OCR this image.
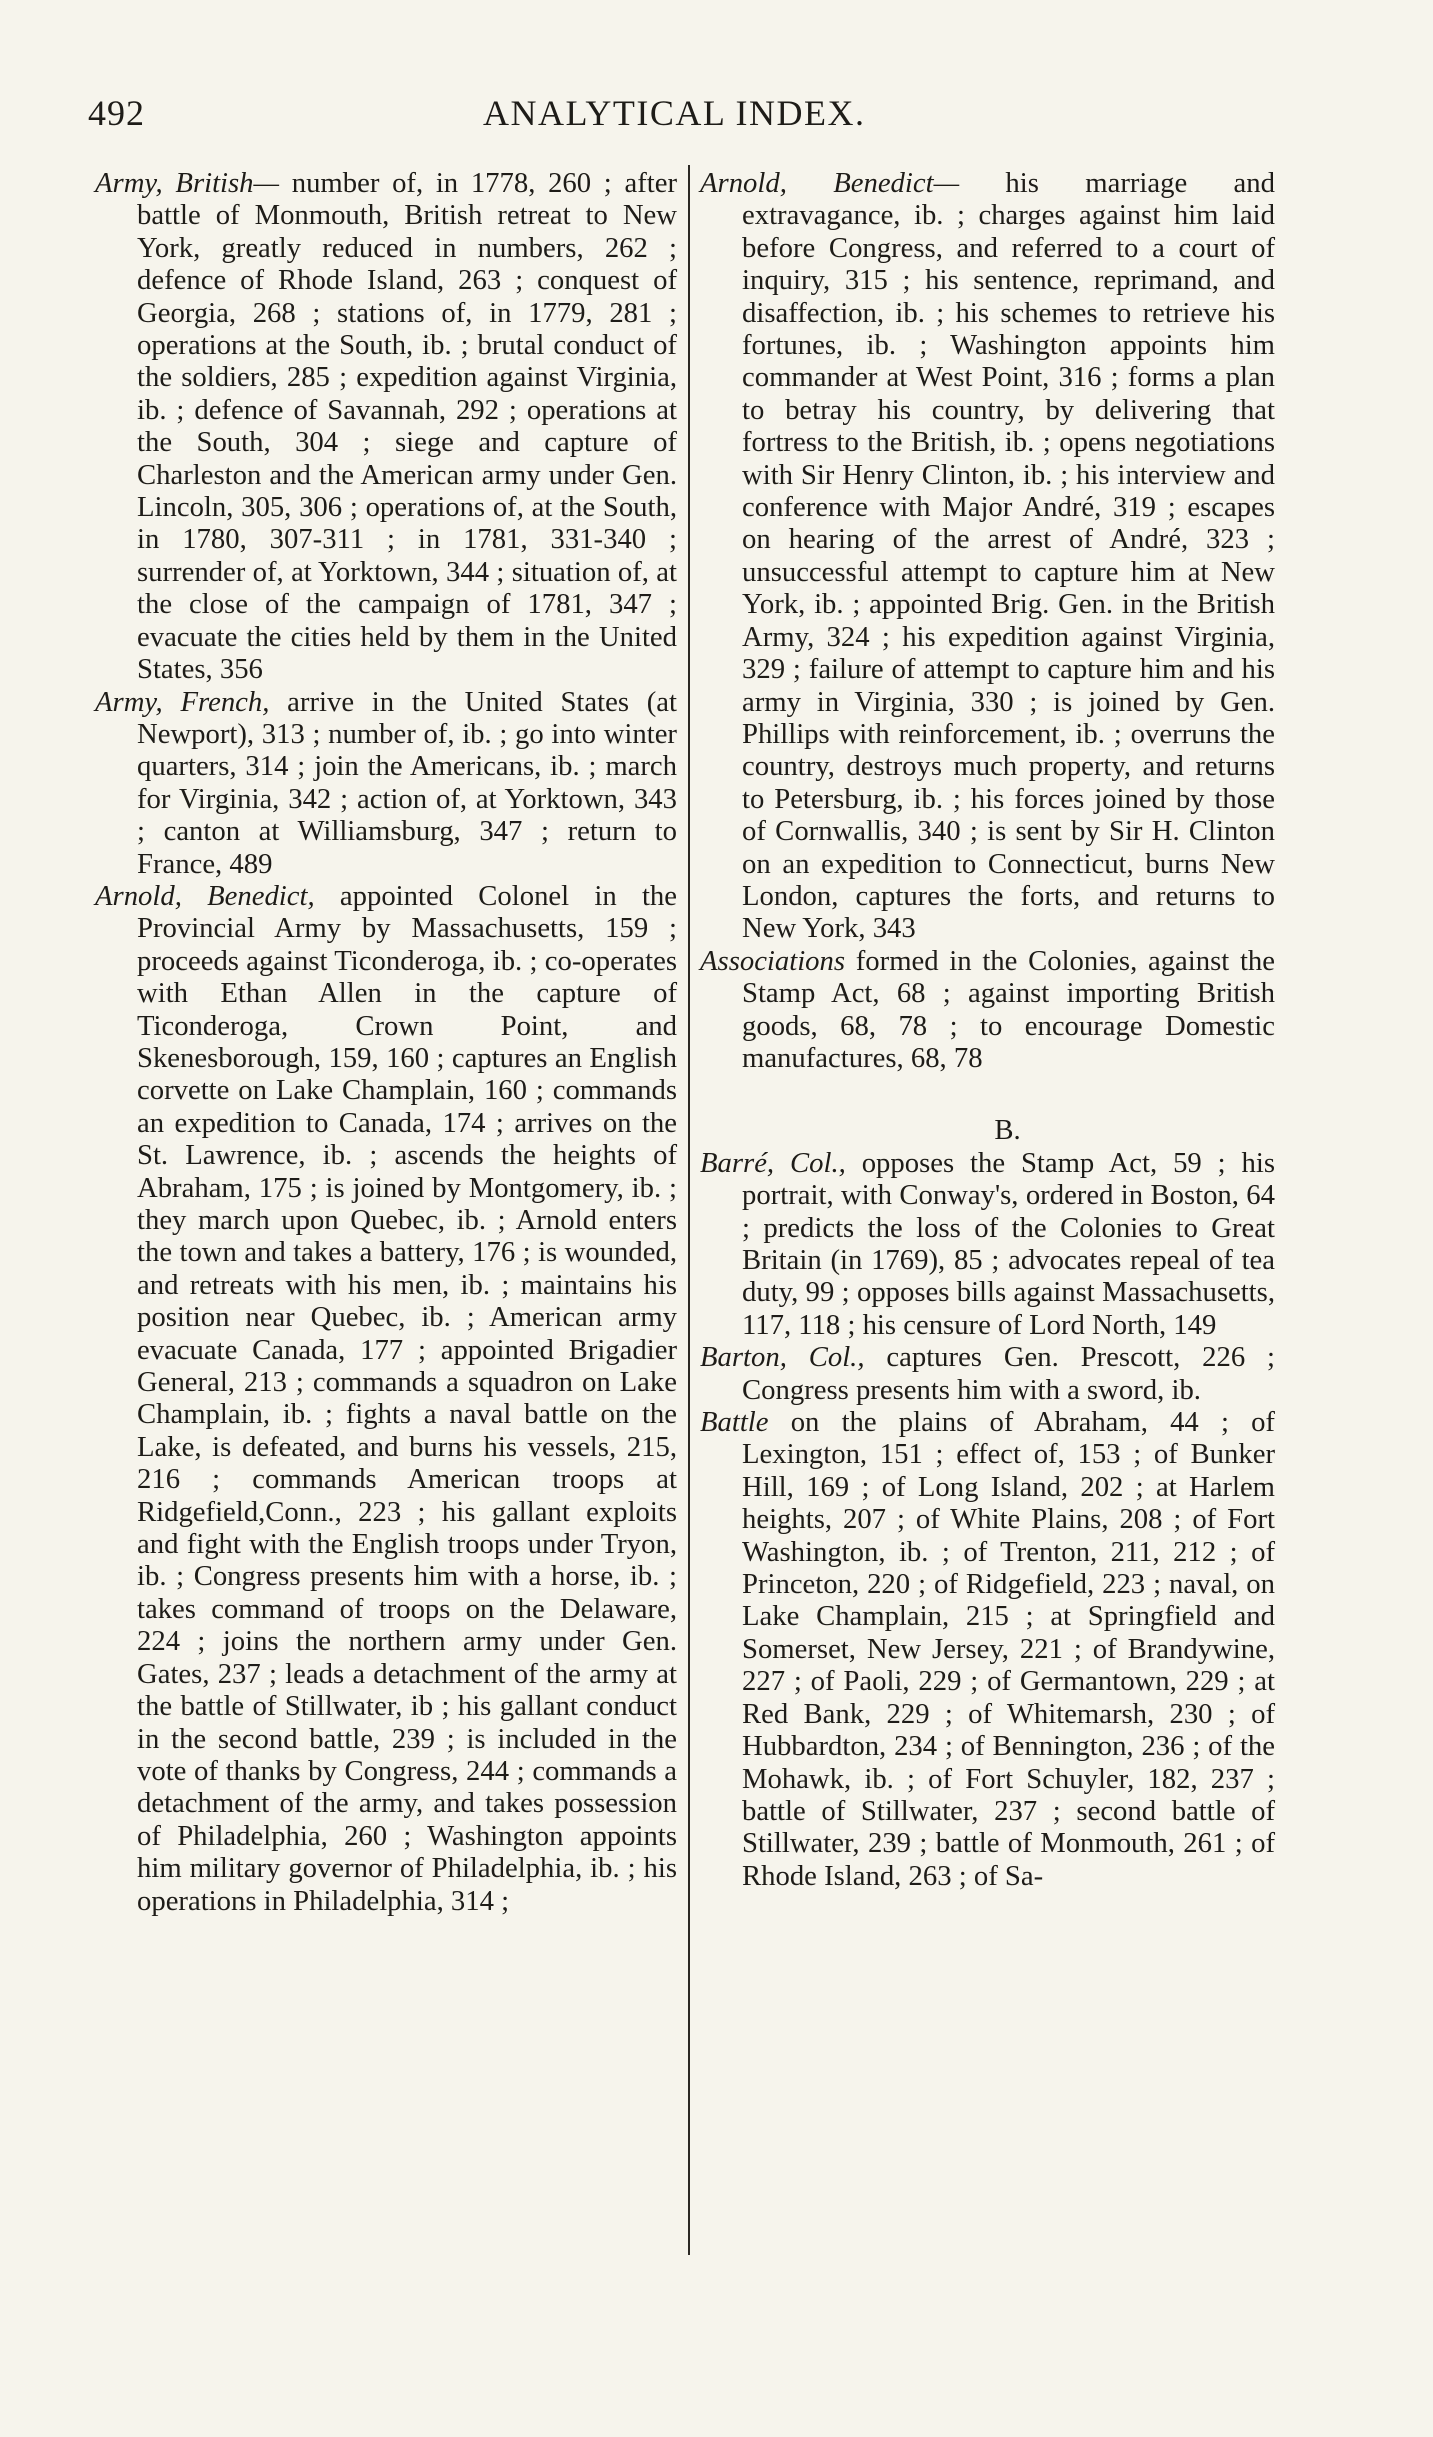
492	ANALYTICAL INDEX.

Army, British— number of, in 1778, 260 ; after battle of Monmouth, British retreat to New York, greatly reduced in numbers, 262 ; defence of Rhode Island, 263 ; conquest of Georgia, 268 ; stations of, in 1779, 281 ; operations at the South, ib. ; brutal conduct of the soldiers, 285 ; expedition against Virginia, ib. ; defence of Savannah, 292 ; operations at the South, 304 ; siege and capture of Charleston and the American army under Gen. Lincoln, 305, 306 ; operations of, at the South, in 1780, 307-311 ; in 1781, 331-340 ; surrender of, at Yorktown, 344 ; situation of, at the close of the campaign of 1781, 347 ; evacuate the cities held by them in the United States, 356

Army, French, arrive in the United States (at Newport), 313 ; number of, ib. ; go into winter quarters, 314 ; join the Americans, ib. ; march for Virginia, 342 ; action of, at Yorktown, 343 ; canton at Williamsburg, 347 ; return to France, 489

Arnold, Benedict, appointed Colonel in the Provincial Army by Massachusetts, 159 ; proceeds against Ticonderoga, ib. ; co-operates with Ethan Allen in the capture of Ticonderoga, Crown Point, and Skenesborough, 159, 160 ; captures an English corvette on Lake Champlain, 160 ; commands an expedition to Canada, 174 ; arrives on the St. Lawrence, ib. ; ascends the heights of Abraham, 175 ; is joined by Montgomery, ib. ; they march upon Quebec, ib. ; Arnold enters the town and takes a battery, 176 ; is wounded, and retreats with his men, ib. ; maintains his position near Quebec, ib. ; American army evacuate Canada, 177 ; appointed Brigadier General, 213 ; commands a squadron on Lake Champlain, ib. ; fights a naval battle on the Lake, is defeated, and burns his vessels, 215, 216 ; commands American troops at Ridgefield,Conn., 223 ; his gallant exploits and fight with the English troops under Tryon, ib. ; Congress presents him with a horse, ib. ; takes command of troops on the Delaware, 224 ; joins the northern army under Gen. Gates, 237 ; leads a detachment of the army at the battle of Stillwater, ib ; his gallant conduct in the second battle, 239 ; is included in the vote of thanks by Congress, 244 ; commands a detachment of the army, and takes possession of Philadelphia, 260 ; Washington appoints him military governor of Philadelphia, ib. ; his operations in Philadelphia, 314 ;

Arnold, Benedict— his marriage and extravagance, ib. ; charges against him laid before Congress, and referred to a court of inquiry, 315 ; his sentence, reprimand, and disaffection, ib. ; his schemes to retrieve his fortunes, ib. ; Washington appoints him commander at West Point, 316 ; forms a plan to betray his country, by delivering that fortress to the British, ib. ; opens negotiations with Sir Henry Clinton, ib. ; his interview and conference with Major André, 319 ; escapes on hearing of the arrest of André, 323 ; unsuccessful attempt to capture him at New York, ib. ; appointed Brig. Gen. in the British Army, 324 ; his expedition against Virginia, 329 ; failure of attempt to capture him and his army in Virginia, 330 ; is joined by Gen. Phillips with reinforcement, ib. ; overruns the country, destroys much property, and returns to Petersburg, ib. ; his forces joined by those of Cornwallis, 340 ; is sent by Sir H. Clinton on an expedition to Connecticut, burns New London, captures the forts, and returns to New York, 343

Associations formed in the Colonies, against the Stamp Act, 68 ; against importing British goods, 68, 78 ; to encourage Domestic manufactures, 68, 78

B.

Barré, Col., opposes the Stamp Act, 59 ; his portrait, with Conway's, ordered in Boston, 64 ; predicts the loss of the Colonies to Great Britain (in 1769), 85 ; advocates repeal of tea duty, 99 ; opposes bills against Massachusetts, 117, 118 ; his censure of Lord North, 149

Barton, Col., captures Gen. Prescott, 226 ; Congress presents him with a sword, ib.

Battle on the plains of Abraham, 44 ; of Lexington, 151 ; effect of, 153 ; of Bunker Hill, 169 ; of Long Island, 202 ; at Harlem heights, 207 ; of White Plains, 208 ; of Fort Washington, ib. ; of Trenton, 211, 212 ; of Princeton, 220 ; of Ridgefield, 223 ; naval, on Lake Champlain, 215 ; at Springfield and Somerset, New Jersey, 221 ; of Brandywine, 227 ; of Paoli, 229 ; of Germantown, 229 ; at Red Bank, 229 ; of Whitemarsh, 230 ; of Hubbardton, 234 ; of Bennington, 236 ; of the Mohawk, ib. ; of Fort Schuyler, 182, 237 ; battle of Stillwater, 237 ; second battle of Stillwater, 239 ; battle of Monmouth, 261 ; of Rhode Island, 263 ; of Sa-
